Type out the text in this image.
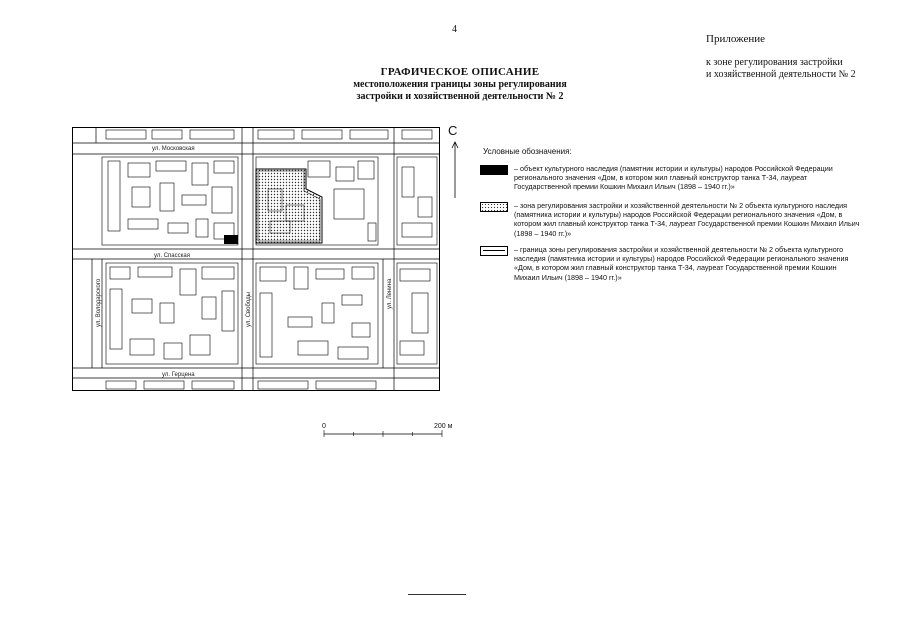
4
Приложение
к зоне регулирования застройки
и хозяйственной деятельности № 2
ГРАФИЧЕСКОЕ ОПИСАНИЕ
местоположения границы зоны регулирования
застройки и хозяйственной деятельности № 2
ул. Московская
ул. Спасская
ул. Герцена
ул. Володарского	ул. Свободы	ул. Ленина
С
Условные обозначения:
– объект культурного наследия (памятник истории и культуры) народов Российской Федерации регионального значения «Дом, в котором жил главный конструктор танка Т-34, лауреат Государственной премии Кошкин Михаил Ильич (1898 – 1940 гг.)»
– зона регулирования застройки и хозяйственной деятельности № 2 объекта культурного наследия (памятника истории и культуры) народов Российской Федерации регионального значения «Дом, в котором жил главный конструктор танка Т-34, лауреат Государственной премии Кошкин Михаил Ильич (1898 – 1940 гг.)»
– граница зоны регулирования застройки и хозяйственной деятельности № 2 объекта культурного наследия (памятника истории и культуры) народов Российской Федерации регионального значения «Дом, в котором жил главный конструктор танка Т-34, лауреат Государственной премии Кошкин Михаил Ильич (1898 – 1940 гг.)»
0	200 м
